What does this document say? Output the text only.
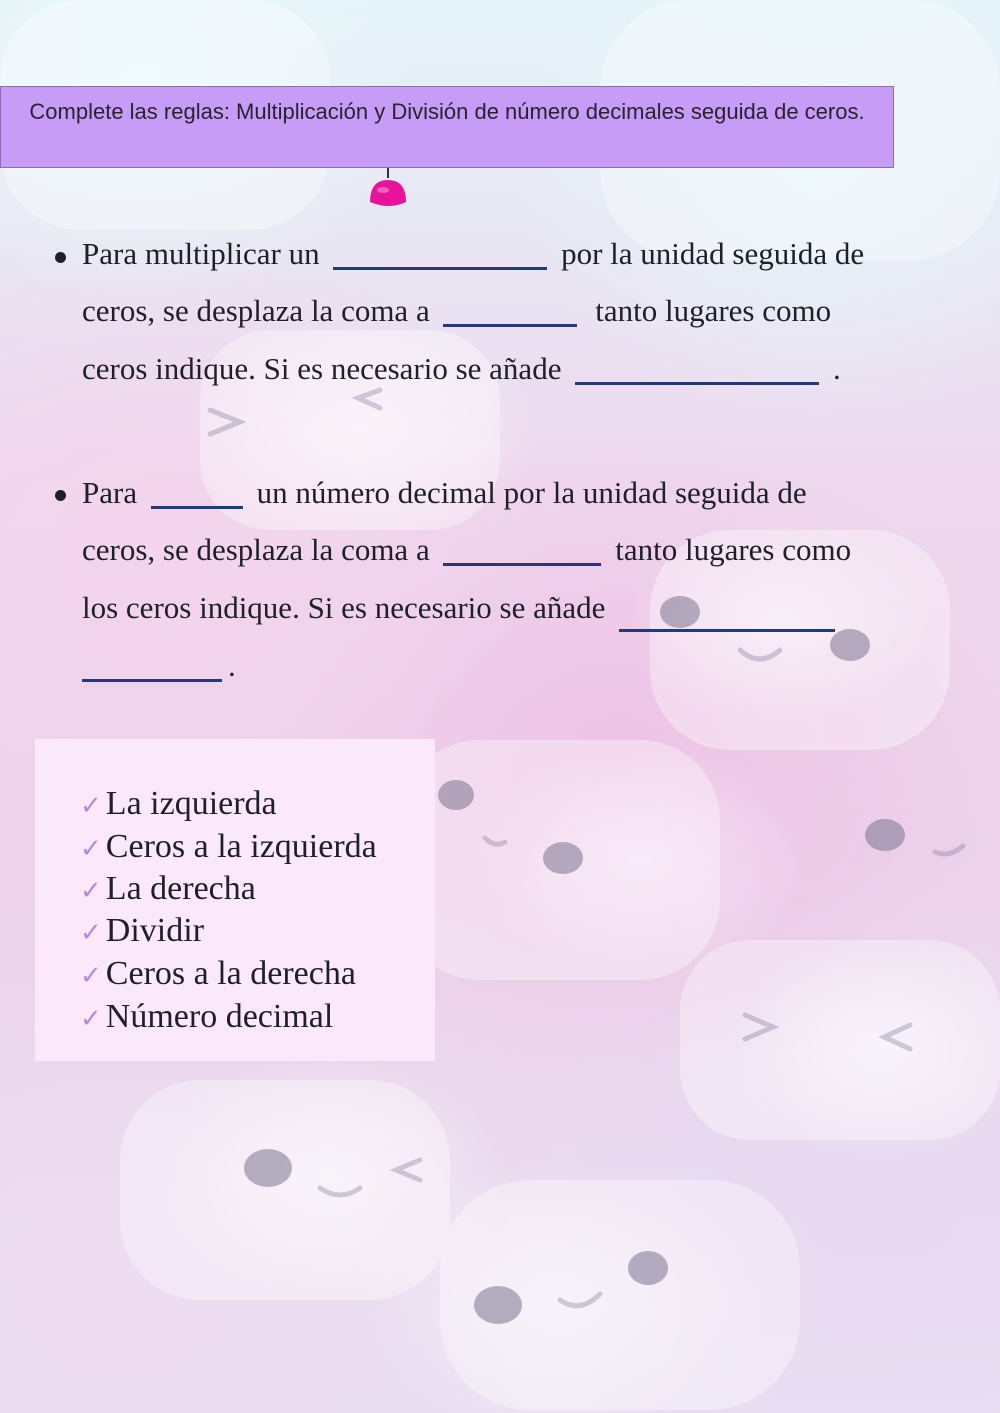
Complete las reglas: Multiplicación y División de número decimales seguida de ceros.
Para multiplicar un	por la unidad seguida de
ceros, se desplaza la coma a	tanto lugares como
ceros indique. Si es necesario se añade	.
Para	un número decimal por la unidad seguida de
ceros, se desplaza la coma a	tanto lugares como
los ceros indique. Si es necesario se añade
.
✓ La izquierda
✓ Ceros a la izquierda
✓ La derecha
✓ Dividir
✓ Ceros a la derecha
✓ Número decimal
